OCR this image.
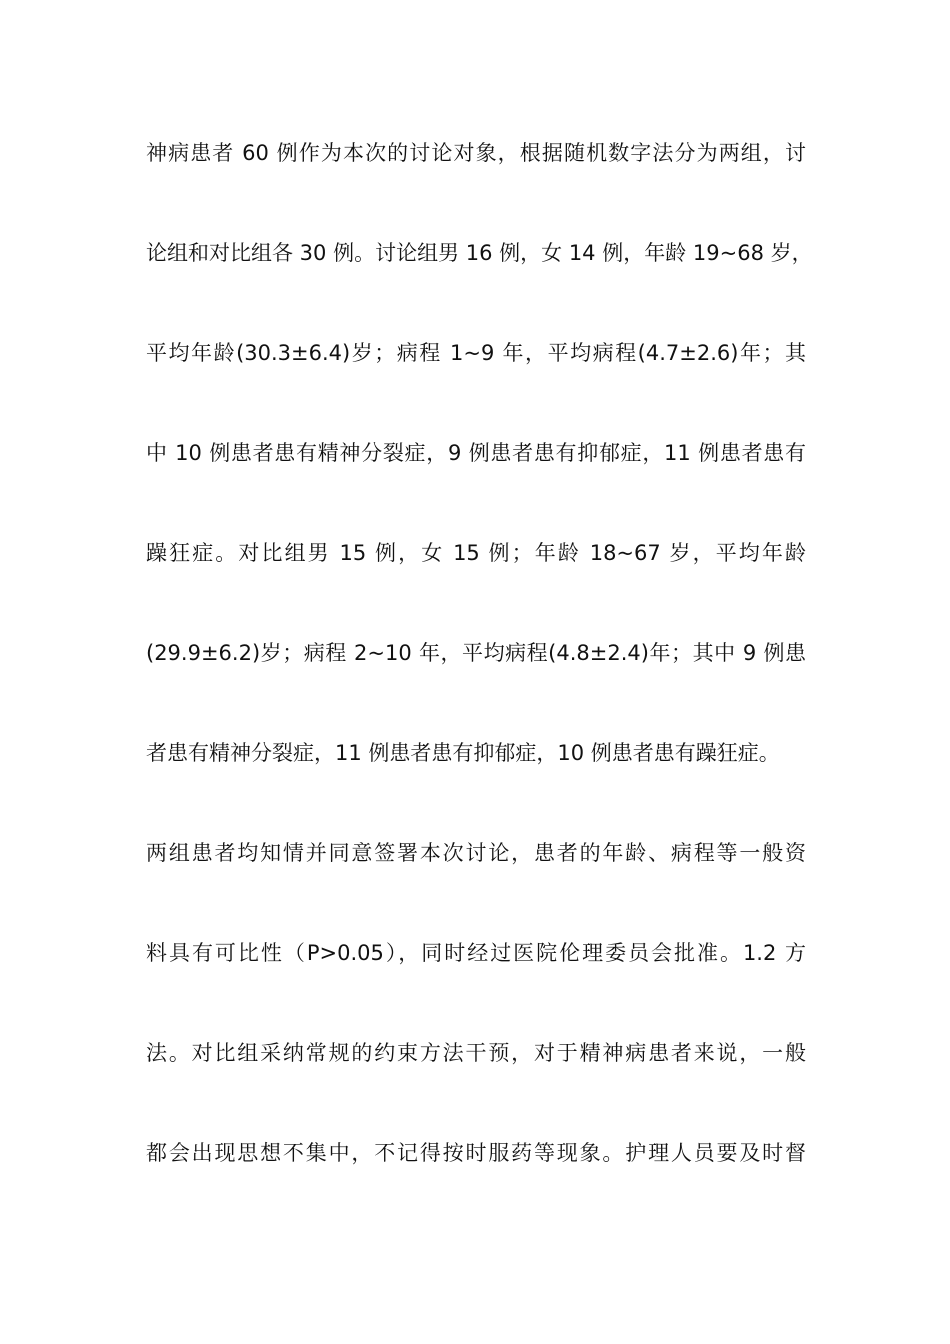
神病患者 60 例作为本次的讨论对象，根据随机数字法分为两组，讨
论组和对比组各 30 例。讨论组男 16 例，女 14 例，年龄 19~68 岁，
平均年龄(30.3±6.4)岁；病程 1~9 年，平均病程(4.7±2.6)年；其
中 10 例患者患有精神分裂症，9 例患者患有抑郁症，11 例患者患有
躁狂症。对比组男 15 例，女 15 例；年龄 18~67 岁，平均年龄
(29.9±6.2)岁；病程 2~10 年，平均病程(4.8±2.4)年；其中 9 例患
者患有精神分裂症，11 例患者患有抑郁症，10 例患者患有躁狂症。
两组患者均知情并同意签署本次讨论，患者的年龄、病程等一般资
料具有可比性（P>0.05），同时经过医院伦理委员会批准。1.2 方
法。对比组采纳常规的约束方法干预，对于精神病患者来说，一般
都会出现思想不集中，不记得按时服药等现象。护理人员要及时督
